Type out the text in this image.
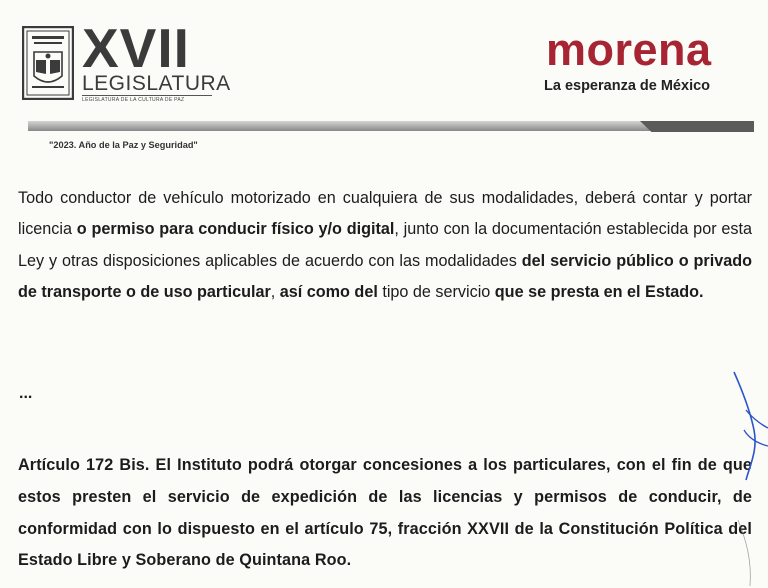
XVII
LEGISLATURA
LEGISLATURA DE LA CULTURA DE PAZ
morena
La esperanza de México
"2023. Año de la Paz y Seguridad"

Todo conductor de vehículo motorizado en cualquiera de sus modalidades, deberá contar y portar licencia o permiso para conducir físico y/o digital, junto con la documentación establecida por esta Ley y otras disposiciones aplicables de acuerdo con las modalidades del servicio público o privado de transporte o de uso particular, así como del tipo de servicio que se presta en el Estado.

...

Artículo 172 Bis. El Instituto podrá otorgar concesiones a los particulares, con el fin de que estos presten el servicio de expedición de las licencias y permisos de conducir, de conformidad con lo dispuesto en el artículo 75, fracción XXVII de la Constitución Política del Estado Libre y Soberano de Quintana Roo.
